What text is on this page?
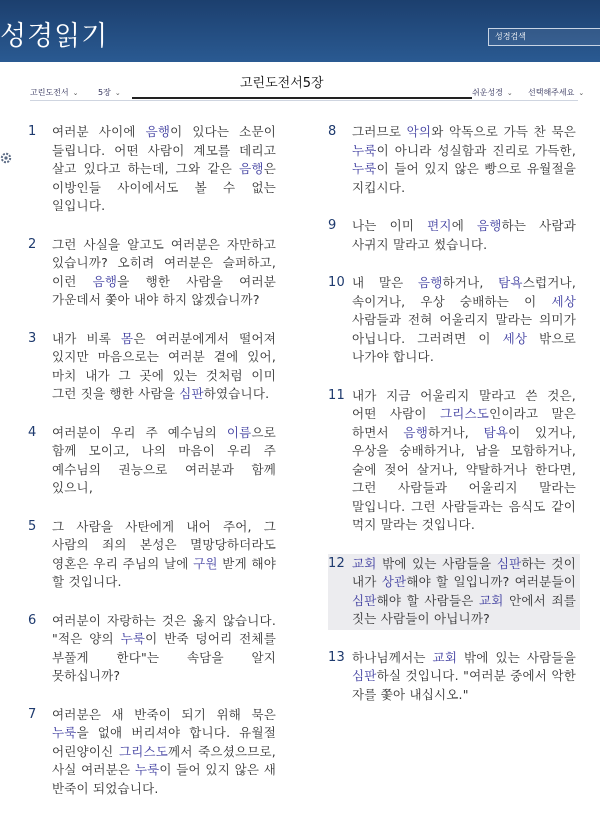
성경읽기	성경검색
고린도전서 ⌄ 5장 ⌄
고린도전서5장
쉬운성경 ⌄ 선택해주세요 ⌄
1 여러분 사이에 음행이 있다는 소문이 들립니다. 어떤 사람이 계모를 데리고 살고 있다고 하는데, 그와 같은 음행은 이방인들 사이에서도 볼 수 없는 일입니다.
2 그런 사실을 알고도 여러분은 자만하고 있습니까? 오히려 여러분은 슬퍼하고, 이런 음행을 행한 사람을 여러분 가운데서 쫓아 내야 하지 않겠습니까?
3 내가 비록 몸은 여러분에게서 떨어져 있지만 마음으로는 여러분 곁에 있어, 마치 내가 그 곳에 있는 것처럼 이미 그런 짓을 행한 사람을 심판하였습니다.
4 여러분이 우리 주 예수님의 이름으로 함께 모이고, 나의 마음이 우리 주 예수님의 권능으로 여러분과 함께 있으니,
5 그 사람을 사탄에게 내어 주어, 그 사람의 죄의 본성은 멸망당하더라도 영혼은 우리 주님의 날에 구원 받게 해야 할 것입니다.
6 여러분이 자랑하는 것은 옳지 않습니다. "적은 양의 누룩이 반죽 덩어리 전체를 부풀게 한다"는 속담을 알지 못하십니까?
7 여러분은 새 반죽이 되기 위해 묵은 누룩을 없애 버리셔야 합니다. 유월절 어린양이신 그리스도께서 죽으셨으므로, 사실 여러분은 누룩이 들어 있지 않은 새 반죽이 되었습니다.
8 그러므로 악의와 악독으로 가득 찬 묵은 누룩이 아니라 성실함과 진리로 가득한, 누룩이 들어 있지 않은 빵으로 유월절을 지킵시다.
9 나는 이미 편지에 음행하는 사람과 사귀지 말라고 썼습니다.
10 내 말은 음행하거나, 탐욕스럽거나, 속이거나, 우상 숭배하는 이 세상 사람들과 전혀 어울리지 말라는 의미가 아닙니다. 그러려면 이 세상 밖으로 나가야 합니다.
11 내가 지금 어울리지 말라고 쓴 것은, 어떤 사람이 그리스도인이라고 말은 하면서 음행하거나, 탐욕이 있거나, 우상을 숭배하거나, 남을 모함하거나, 술에 젖어 살거나, 약탈하거나 한다면, 그런 사람들과 어울리지 말라는 말입니다. 그런 사람들과는 음식도 같이 먹지 말라는 것입니다.
12 교회 밖에 있는 사람들을 심판하는 것이 내가 상관해야 할 일입니까? 여러분들이 심판해야 할 사람들은 교회 안에서 죄를 짓는 사람들이 아닙니까?
13 하나님께서는 교회 밖에 있는 사람들을 심판하실 것입니다. "여러분 중에서 악한 자를 쫓아 내십시오."
